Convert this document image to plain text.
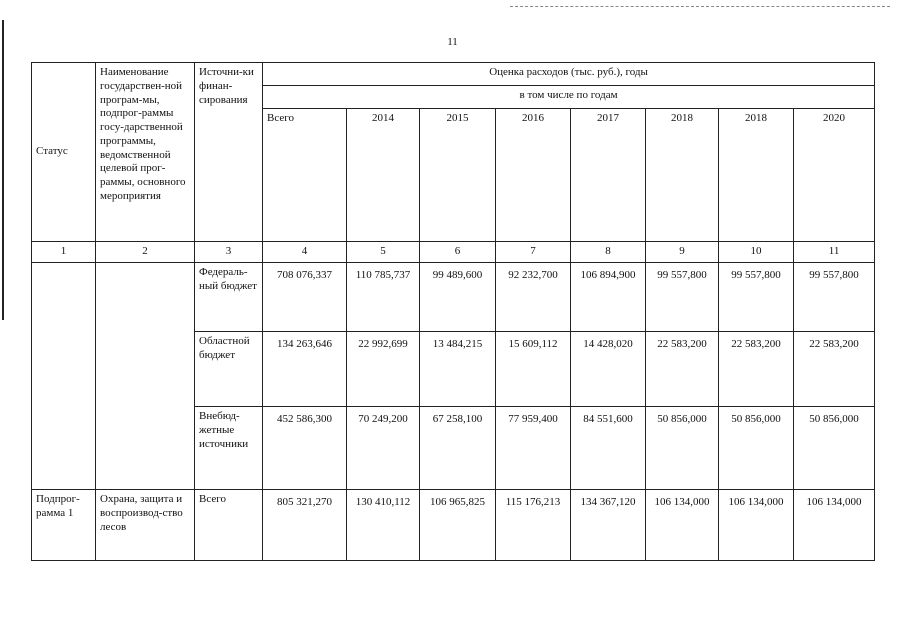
11
Статус	Наименование государствен-ной програм-мы, подпрог-раммы госу-дарственной программы, ведомственной целевой прог-раммы, основного мероприятия	Источни-ки финан-сирования	Оценка расходов (тыс. руб.), годы							
			в том числе по годам							
			Всего	2014	2015	2016	2017	2018	2018	2020
1	2	3	4	5	6	7	8	9	10	11
		Федераль-ный бюджет	708 076,337	110 785,737	99 489,600	92 232,700	106 894,900	99 557,800	99 557,800	99 557,800
		Областной бюджет	134 263,646	22 992,699	13 484,215	15 609,112	14 428,020	22 583,200	22 583,200	22 583,200
		Внебюд-жетные источники	452 586,300	70 249,200	67 258,100	77 959,400	84 551,600	50 856,000	50 856,000	50 856,000
Подпрог-рамма 1	Охрана, защита и воспроизвод-ство лесов	Всего	805 321,270	130 410,112	106 965,825	115 176,213	134 367,120	106 134,000	106 134,000	106 134,000
